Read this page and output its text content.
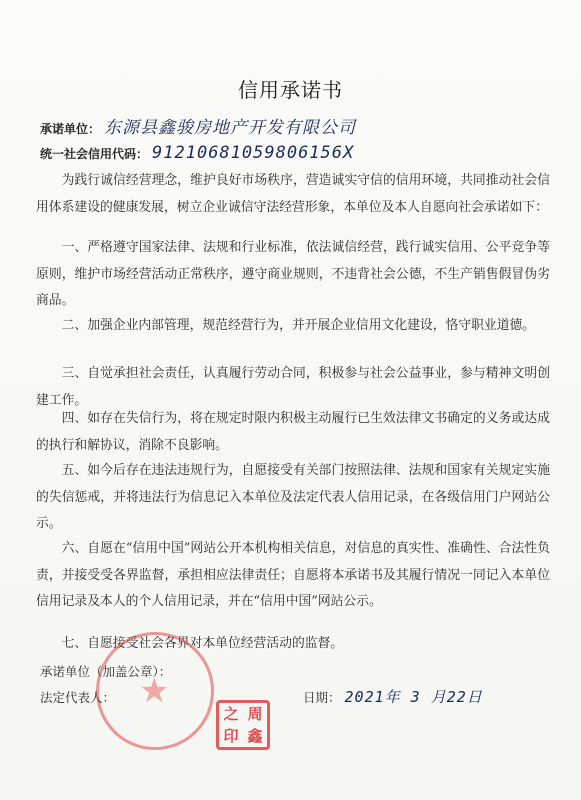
信用承诺书
承诺单位： 东源县鑫骏房地产开发有限公司
统一社会信用代码： 91210681059806156X
为践行诚信经营理念，维护良好市场秩序，营造诚实守信的信用环境，共同推动社会信用体系建设的健康发展，树立企业诚信守法经营形象，本单位及本人自愿向社会承诺如下：
一、严格遵守国家法律、法规和行业标准，依法诚信经营，践行诚实信用、公平竞争等原则，维护市场经营活动正常秩序，遵守商业规则，不违背社会公德，不生产销售假冒伪劣商品。
二、加强企业内部管理，规范经营行为，并开展企业信用文化建设，恪守职业道德。
三、自觉承担社会责任，认真履行劳动合同，积极参与社会公益事业，参与精神文明创建工作。
四、如存在失信行为，将在规定时限内积极主动履行已生效法律文书确定的义务或达成的执行和解协议，消除不良影响。
五、如今后存在违法违规行为，自愿接受有关部门按照法律、法规和国家有关规定实施的失信惩戒，并将违法行为信息记入本单位及法定代表人信用记录，在各级信用门户网站公示。
六、自愿在“信用中国”网站公开本机构相关信息，对信息的真实性、准确性、合法性负责，并接受受各界监督，承担相应法律责任；自愿将本承诺书及其履行情况一同记入本单位信用记录及本人的个人信用记录，并在“信用中国”网站公示。
七、自愿接受社会各界对本单位经营活动的监督。
★
承诺单位（加盖公章）：
法定代表人：	日期： 2021年 3 月22日
之 周
印 鑫
